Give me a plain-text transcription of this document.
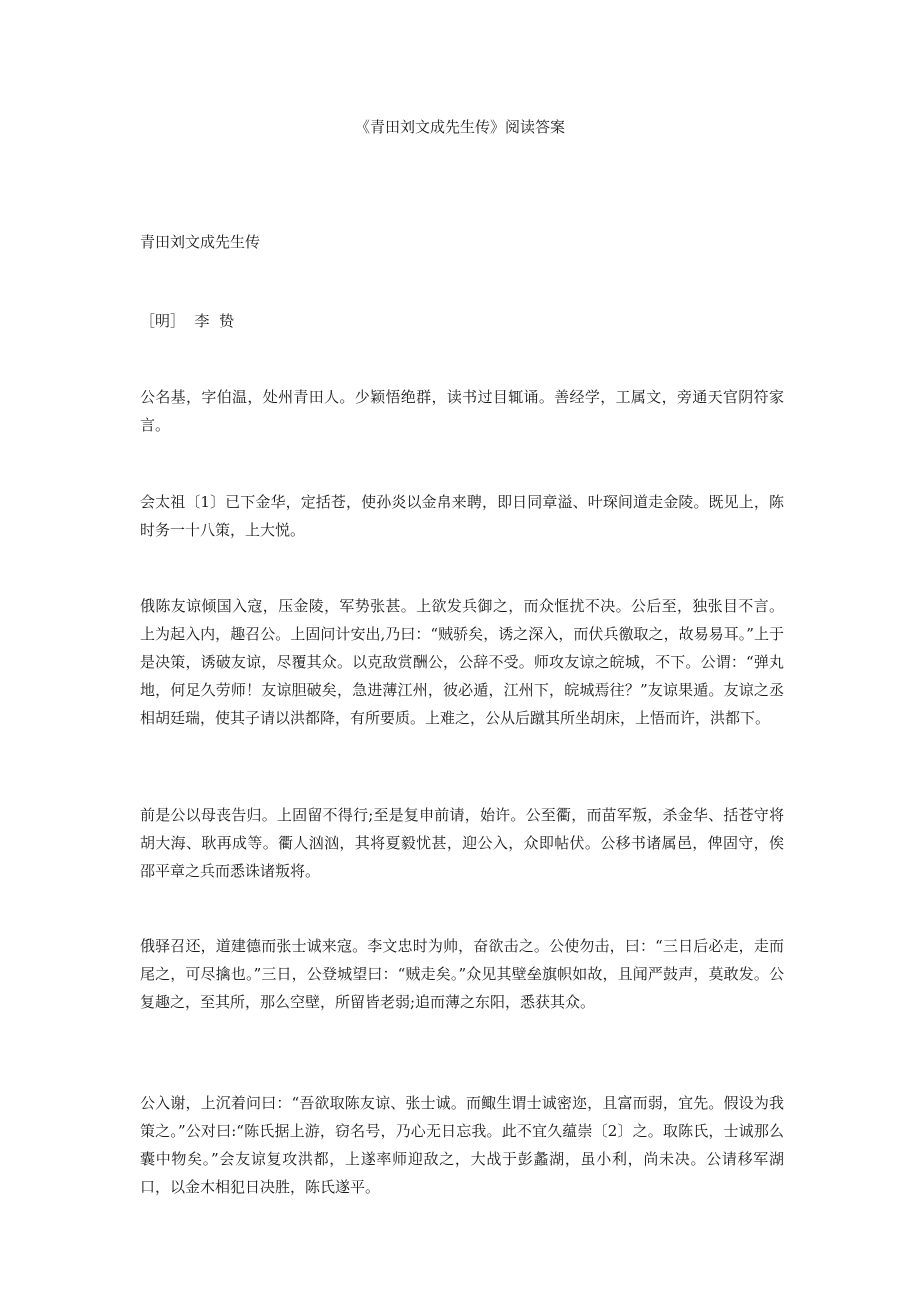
《青田刘文成先生传》阅读答案
青田刘文成先生传
［明］  李  贽

公名基，字伯温，处州青田人。少颖悟绝群，读书过目辄诵。善经学，工属文，旁通天官阴符家言。

会太祖〔1〕已下金华，定括苍，使孙炎以金帛来聘，即日同章溢、叶琛间道走金陵。既见上，陈时务一十八策，上大悦。

俄陈友谅倾国入寇，压金陵，军势张甚。上欲发兵御之，而众恇扰不决。公后至，独张目不言。上为起入内，趣召公。上固问计安出,乃曰：“贼骄矣，诱之深入，而伏兵徼取之，故易易耳。”上于是决策，诱破友谅，尽覆其众。以克敌赏酬公，公辞不受。师攻友谅之皖城，不下。公谓：“弹丸地，何足久劳师！友谅胆破矣，急进薄江州，彼必遁，江州下，皖城焉往？”友谅果遁。友谅之丞相胡廷瑞，使其子请以洪都降，有所要质。上难之，公从后蹴其所坐胡床，上悟而许，洪都下。

前是公以母丧告归。上固留不得行;至是复申前请，始许。公至衢，而苗军叛，杀金华、括苍守将胡大海、耿再成等。衢人汹汹，其将夏毅忧甚，迎公入，众即帖伏。公移书诸属邑，俾固守，俟邵平章之兵而悉诛诸叛将。

俄驿召还，道建德而张士诚来寇。李文忠时为帅，奋欲击之。公使勿击，曰：“三日后必走，走而尾之，可尽擒也。”三日，公登城望曰：“贼走矣。”众见其壁垒旗帜如故，且闻严鼓声，莫敢发。公复趣之，至其所，那么空壁，所留皆老弱;追而薄之东阳，悉获其众。

公入谢，上沉着问曰：“吾欲取陈友谅、张士诚。而鲰生谓士诚密迩，且富而弱，宜先。假设为我策之。”公对曰:“陈氏据上游，窃名号，乃心无日忘我。此不宜久蕴崇〔2〕之。取陈氏，士诚那么囊中物矣。”会友谅复攻洪都，上遂率师迎敌之，大战于彭蠡湖，虽小利，尚未决。公请移军湖口，以金木相犯日决胜，陈氏遂平。
